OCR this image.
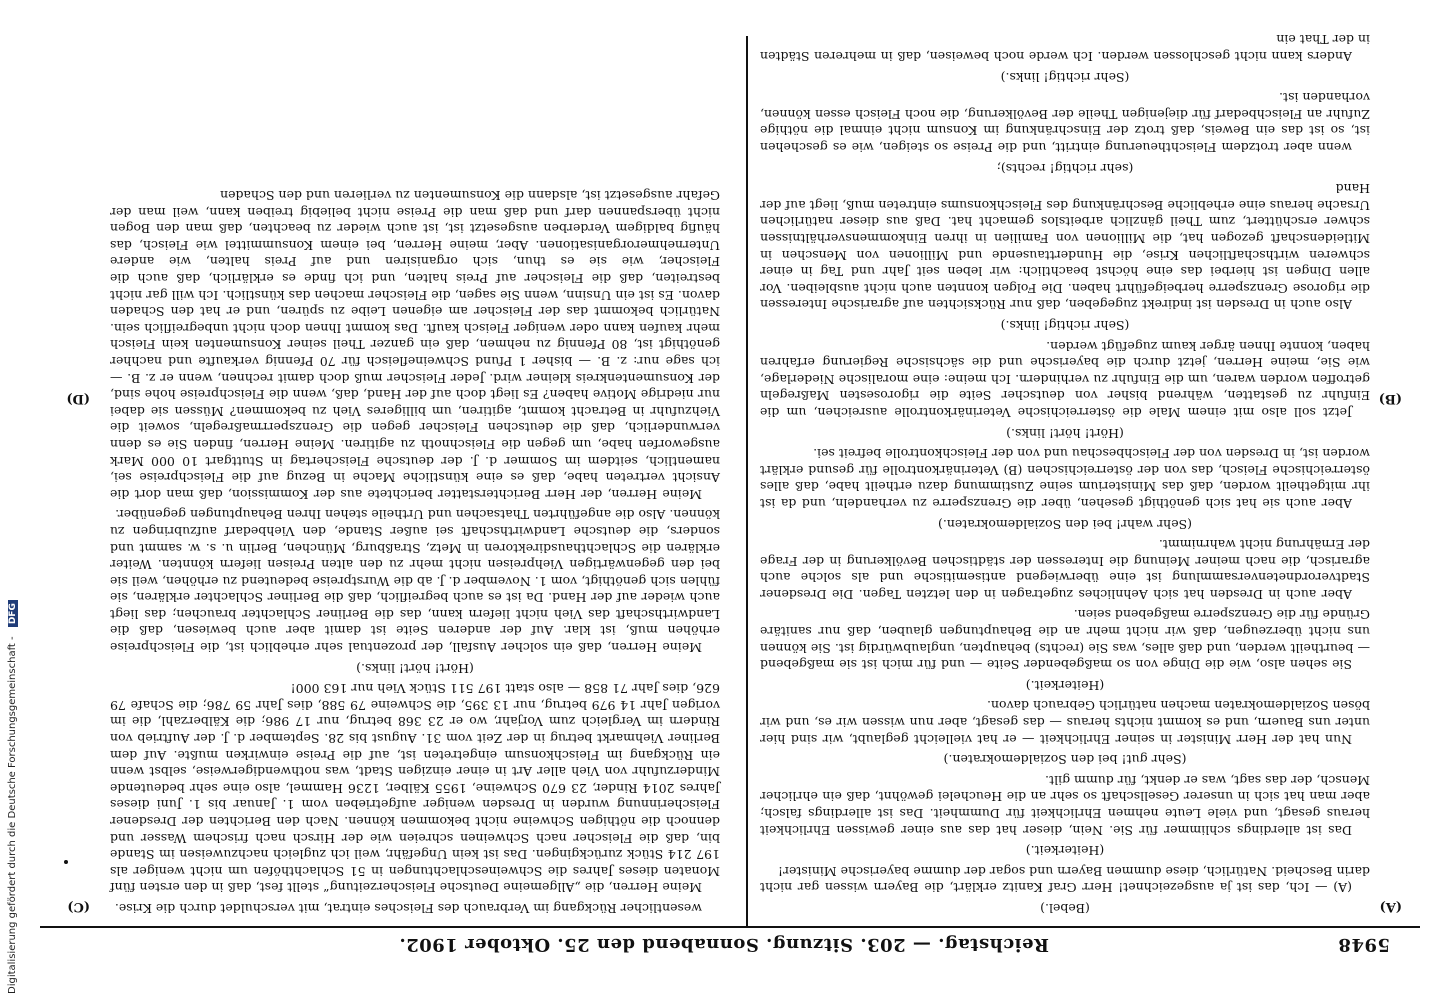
Digitalisierung gefördert durch die Deutsche Forschungsgemeinschaft - DFG
5948
Reichstag. — 203. Sitzung. Sonnabend den 25. Oktober 1902.
(A)
(B)
(C)
(D)

(Bebel.)

(A) — Ich, das ist ja ausgezeichnet! Herr Graf Kanitz erklärt, die Bayern wissen gar nicht darin Bescheid. Natürlich, diese dummen Bayern und sogar der dumme bayerische Minister!

(Heiterkeit.)

Das ist allerdings schlimmer für Sie. Nein, dieser hat das aus einer gewissen Ehrlichkeit heraus gesagt, und viele Leute nehmen Ehrlichkeit für Dummheit. Das ist allerdings falsch; aber man hat sich in unserer Gesellschaft so sehr an die Heuchelei gewöhnt, daß ein ehrlicher Mensch, der das sagt, was er denkt, für dumm gilt.

(Sehr gut! bei den Sozialdemokraten.)

Nun hat der Herr Minister in seiner Ehrlichkeit — er hat vielleicht geglaubt, wir sind hier unter uns Bauern, und es kommt nichts heraus — das gesagt, aber nun wissen wir es, und wir bösen Sozialdemokraten machen natürlich Gebrauch davon.

(Heiterkeit.)

Sie sehen also, wie die Dinge von so maßgebender Seite — und für mich ist sie maßgebend — beurtheilt werden, und daß alles, was Sie (rechts) behaupten, unglaubwürdig ist. Sie können uns nicht überzeugen, daß wir nicht mehr an die Behauptungen glauben, daß nur sanitäre Gründe für die Grenzsperre maßgebend seien.

Aber auch in Dresden hat sich Aehnliches zugetragen in den letzten Tagen. Die Dresdener Stadtverordnetenversammlung ist eine überwiegend antisemitische und als solche auch agrarisch, die nach meiner Meinung die Interessen der städtischen Bevölkerung in der Frage der Ernährung nicht wahrnimmt.

(Sehr wahr! bei den Sozialdemokraten.)

Aber auch sie hat sich genöthigt gesehen, über die Grenzsperre zu verhandeln, und da ist ihr mitgetheilt worden, daß das Ministerium seine Zustimmung dazu ertheilt habe, daß alles österreichische Fleisch, das von der österreichischen (B) Veterinärkontrolle für gesund erklärt worden ist, in Dresden von der Fleischbeschau und von der Fleischkontrolle befreit sei.

(Hört! hört! links.)

Jetzt soll also mit einem Male die österreichische Veterinärkontrolle ausreichen, um die Einfuhr zu gestatten, während bisher von deutscher Seite die rigorosesten Maßregeln getroffen worden waren, um die Einfuhr zu verhindern. Ich meine: eine moralische Niederlage, wie Sie, meine Herren, jetzt durch die bayerische und die sächsische Regierung erfahren haben, konnte Ihnen ärger kaum zugefügt werden.

(Sehr richtig! links.)

Also auch in Dresden ist indirekt zugegeben, daß nur Rücksichten auf agrarische Interessen die rigorose Grenzsperre herbeigeführt haben. Die Folgen konnten auch nicht ausbleiben. Vor allen Dingen ist hierbei das eine höchst beachtlich: wir leben seit Jahr und Tag in einer schweren wirthschaftlichen Krise, die Hunderttausende und Millionen von Menschen in Mitleidenschaft gezogen hat, die Millionen von Familien in ihren Einkommensverhältnissen schwer erschüttert, zum Theil gänzlich arbeitslos gemacht hat. Daß aus dieser natürlichen Ursache heraus eine erhebliche Beschränkung des Fleischkonsums eintreten muß, liegt auf der Hand

(sehr richtig! rechts);

wenn aber trotzdem Fleischtheuerung eintritt, und die Preise so steigen, wie es geschehen ist, so ist das ein Beweis, daß trotz der Einschränkung im Konsum nicht einmal die nöthige Zufuhr an Fleischbedarf für diejenigen Theile der Bevölkerung, die noch Fleisch essen können, vorhanden ist.

(Sehr richtig! links.)

Anders kann nicht geschlossen werden. Ich werde noch beweisen, daß in mehreren Städten in der That ein

wesentlicher Rückgang im Verbrauch des Fleisches eintrat, mit verschuldet durch die Krise.

Meine Herren, die „Allgemeine Deutsche Fleischerzeitung“ stellt fest, daß in den ersten fünf Monaten dieses Jahres die Schweineschlachtungen in 51 Schlachthöfen um nicht weniger als 197 214 Stück zurückgingen. Das ist kein Ungefähr, weil ich zugleich nachzuweisen im Stande bin, daß die Fleischer nach Schweinen schreien wie der Hirsch nach frischem Wasser und dennoch die nöthigen Schweine nicht bekommen können. Nach den Berichten der Dresdener Fleischerinnung wurden in Dresden weniger aufgetrieben vom 1. Januar bis 1. Juni dieses Jahres 2014 Rinder, 23 670 Schweine, 1955 Kälber, 1236 Hammel, also eine sehr bedeutende Minderzufuhr von Vieh aller Art in einer einzigen Stadt, was nothwendigerweise, selbst wenn ein Rückgang im Fleischkonsum eingetreten ist, auf die Preise einwirken mußte. Auf dem Berliner Viehmarkt betrug in der Zeit vom 31. August bis 28. September d. J. der Auftrieb von Rindern im Vergleich zum Vorjahr, wo er 23 368 betrug, nur 17 986; die Kälberzahl, die im vorigen Jahr 14 979 betrug, nur 13 395, die Schweine 79 588, dies Jahr 59 786; die Schafe 79 626, dies Jahr 71 858 — also statt 197 511 Stück Vieh nur 163 000!

(Hört! hört! links.)

Meine Herren, daß ein solcher Ausfall, der prozentual sehr erheblich ist, die Fleischpreise erhöhen muß, ist klar. Auf der anderen Seite ist damit aber auch bewiesen, daß die Landwirthschaft das Vieh nicht liefern kann, das die Berliner Schlachter brauchen; das liegt auch wieder auf der Hand. Da ist es auch begreiflich, daß die Berliner Schlachter erklären, sie fühlen sich genöthigt, vom 1. November d. J. ab die Wurstpreise bedeutend zu erhöhen, weil sie bei den gegenwärtigen Viehpreisen nicht mehr zu den alten Preisen liefern könnten. Weiter erklären die Schlachthausdirektoren in Metz, Straßburg, München, Berlin u. s. w. sammt und sonders, die deutsche Landwirthschaft sei außer Stande, den Viehbedarf aufzubringen zu können. Also die angeführten Thatsachen und Urtheile stehen Ihren Behauptungen gegenüber.

Meine Herren, der Herr Berichterstatter berichtete aus der Kommission, daß man dort die Ansicht vertreten habe, daß es eine künstliche Mache in Bezug auf die Fleischpreise sei, namentlich, seitdem im Sommer d. J. der deutsche Fleischertag in Stuttgart 10 000 Mark ausgeworfen habe, um gegen die Fleischnoth zu agitiren. Meine Herren, finden Sie es denn verwunderlich, daß die deutschen Fleischer gegen die Grenzsperrmaßregeln, soweit die Viehzufuhr in Betracht kommt, agitiren, um billigeres Vieh zu bekommen? Müssen sie dabei nur niedrige Motive haben? Es liegt doch auf der Hand, daß, wenn die Fleischpreise hohe sind, der Konsumentenkreis kleiner wird. Jeder Fleischer muß doch damit rechnen, wenn er z. B. — ich sage nur: z. B. — bisher 1 Pfund Schweinefleisch für 70 Pfennig verkaufte und nachher genöthigt ist, 80 Pfennig zu nehmen, daß ein ganzer Theil seiner Konsumenten kein Fleisch mehr kaufen kann oder weniger Fleisch kauft. Das kommt Ihnen doch nicht unbegreiflich sein. Natürlich bekommt das der Fleischer am eigenen Leibe zu spüren, und er hat den Schaden davon. Es ist ein Unsinn, wenn Sie sagen, die Fleischer machen das künstlich. Ich will gar nicht bestreiten, daß die Fleischer auf Preis halten, und ich finde es erklärlich, daß auch die Fleischer, wie sie es thun, sich organisiren und auf Preis halten, wie andere Unternehmerorganisationen. Aber, meine Herren, bei einem Konsummittel wie Fleisch, das häufig baldigem Verderben ausgesetzt ist, ist auch wieder zu beachten, daß man den Bogen nicht überspannen darf und daß man die Preise nicht beliebig treiben kann, weil man der Gefahr ausgesetzt ist, alsdann die Konsumenten zu verlieren und den Schaden
